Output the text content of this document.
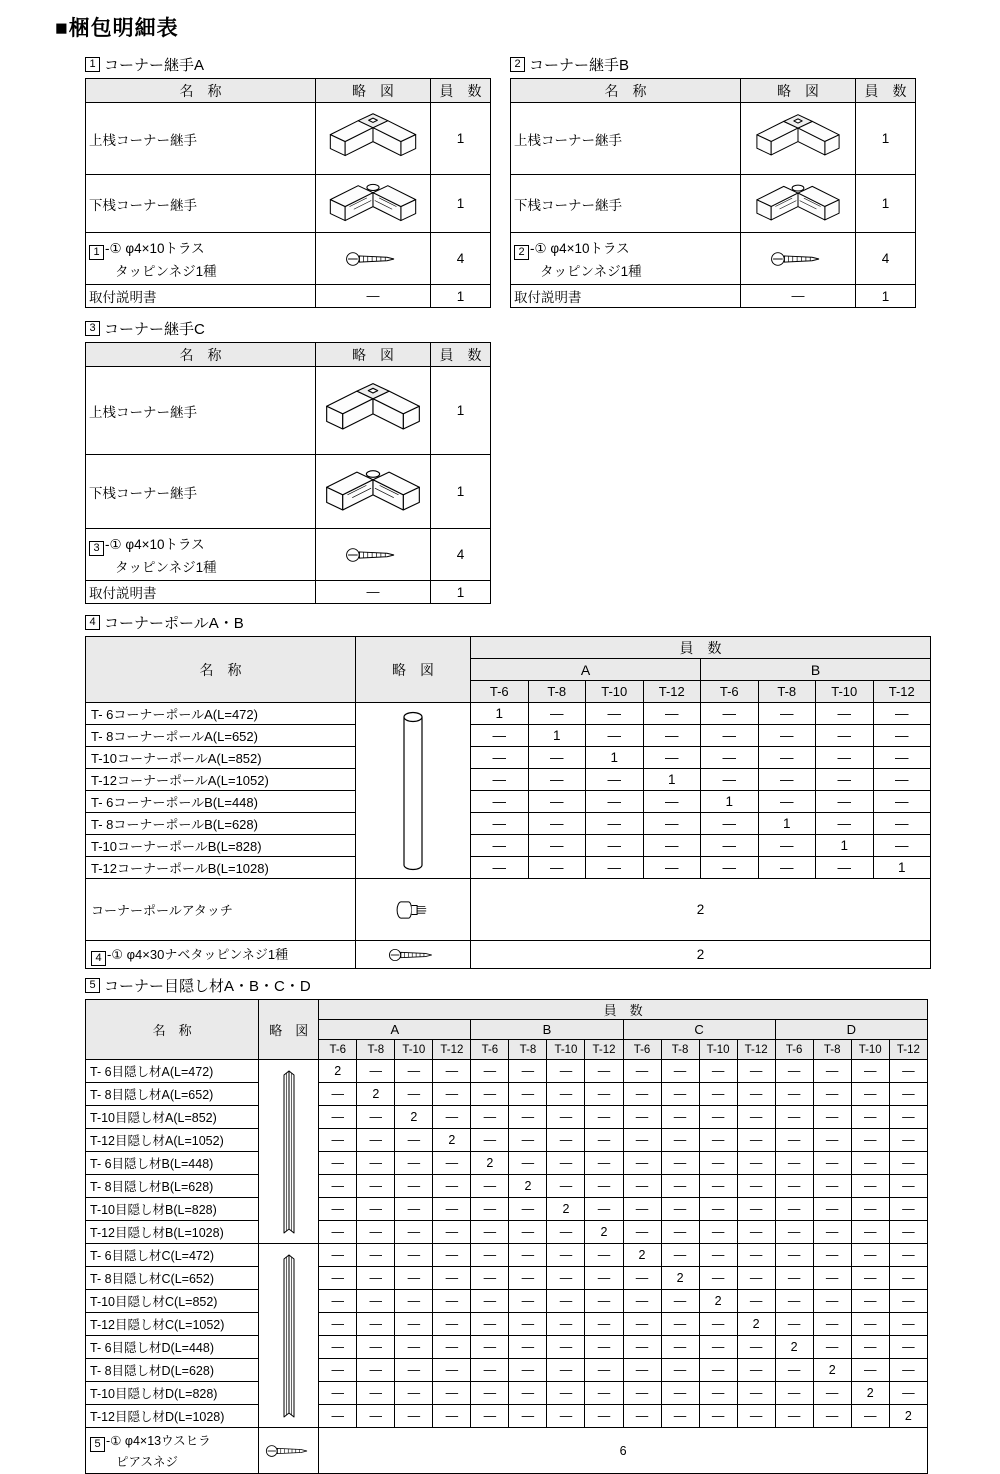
■梱包明細表
1 コーナー継手A
名　称	略　図	員　数
上桟コーナー継手		1
下桟コーナー継手		1
1 -① φ4×10トラス
タッピンネジ1種		4
取付説明書	—	1
2 コーナー継手B
名　称	略　図	員　数
上桟コーナー継手		1
下桟コーナー継手		1
2 -① φ4×10トラス
タッピンネジ1種		4
取付説明書	—	1
3 コーナー継手C
名　称	略　図	員　数
上桟コーナー継手		1
下桟コーナー継手		1
3 -① φ4×10トラス
タッピンネジ1種		4
取付説明書	—	1
4 コーナーポールA・B
名　称	略　図	員　数							
		A				B			
		T-6	T-8	T-10	T-12	T-6	T-8	T-10	T-12
T- 6コーナーポールA(L=472)		1	—	—	—	—	—	—	—
T- 8コーナーポールA(L=652)		—	1	—	—	—	—	—	—
T-10コーナーポールA(L=852)		—	—	1	—	—	—	—	—
T-12コーナーポールA(L=1052)		—	—	—	1	—	—	—	—
T- 6コーナーポールB(L=448)		—	—	—	—	1	—	—	—
T- 8コーナーポールB(L=628)		—	—	—	—	—	1	—	—
T-10コーナーポールB(L=828)		—	—	—	—	—	—	1	—
T-12コーナーポールB(L=1028)		—	—	—	—	—	—	—	1
コーナーポールアタッチ		2							
4 -① φ4×30ナベタッピンネジ1種		2							
5 コーナー目隠し材A・B・C・D
名　称	略　図	員　数															
		A				B				C				D			
		T-6	T-8	T-10	T-12	T-6	T-8	T-10	T-12	T-6	T-8	T-10	T-12	T-6	T-8	T-10	T-12
T- 6目隠し材A(L=472)		2	—	—	—	—	—	—	—	—	—	—	—	—	—	—	—
T- 8目隠し材A(L=652)		—	2	—	—	—	—	—	—	—	—	—	—	—	—	—	—
T-10目隠し材A(L=852)		—	—	2	—	—	—	—	—	—	—	—	—	—	—	—	—
T-12目隠し材A(L=1052)		—	—	—	2	—	—	—	—	—	—	—	—	—	—	—	—
T- 6目隠し材B(L=448)		—	—	—	—	2	—	—	—	—	—	—	—	—	—	—	—
T- 8目隠し材B(L=628)		—	—	—	—	—	2	—	—	—	—	—	—	—	—	—	—
T-10目隠し材B(L=828)		—	—	—	—	—	—	2	—	—	—	—	—	—	—	—	—
T-12目隠し材B(L=1028)		—	—	—	—	—	—	—	2	—	—	—	—	—	—	—	—
T- 6目隠し材C(L=472)		—	—	—	—	—	—	—	—	2	—	—	—	—	—	—	—
T- 8目隠し材C(L=652)		—	—	—	—	—	—	—	—	—	2	—	—	—	—	—	—
T-10目隠し材C(L=852)		—	—	—	—	—	—	—	—	—	—	2	—	—	—	—	—
T-12目隠し材C(L=1052)		—	—	—	—	—	—	—	—	—	—	—	2	—	—	—	—
T- 6目隠し材D(L=448)		—	—	—	—	—	—	—	—	—	—	—	—	2	—	—	—
T- 8目隠し材D(L=628)		—	—	—	—	—	—	—	—	—	—	—	—	—	2	—	—
T-10目隠し材D(L=828)		—	—	—	—	—	—	—	—	—	—	—	—	—	—	2	—
T-12目隠し材D(L=1028)		—	—	—	—	—	—	—	—	—	—	—	—	—	—	—	2
5 -① φ4×13ウスヒラ
ピアスネジ		6															
